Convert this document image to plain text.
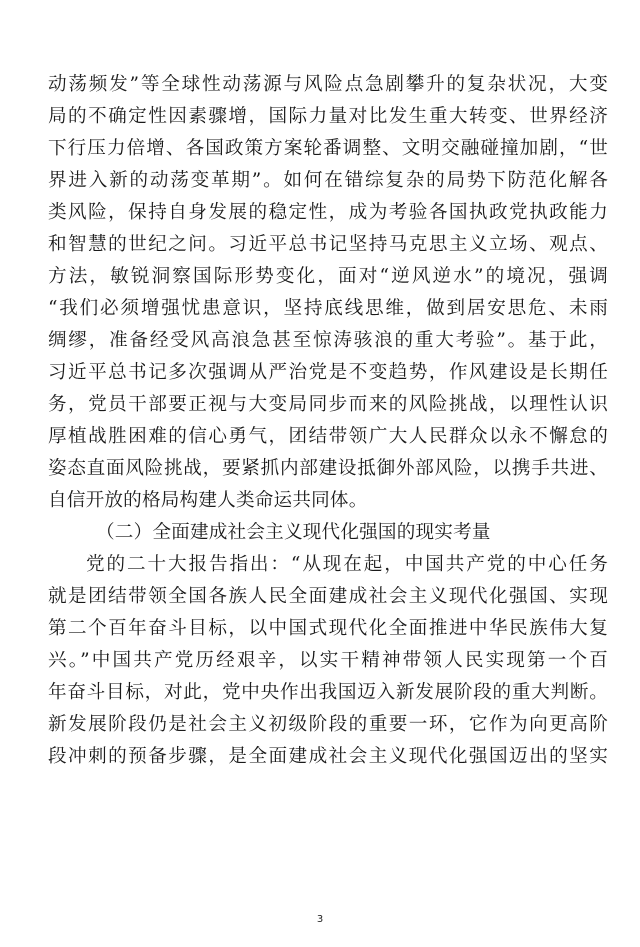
动荡频发”等全球性动荡源与风险点急剧攀升的复杂状况，大变
局的不确定性因素骤增，国际力量对比发生重大转变、世界经济
下行压力倍增、各国政策方案轮番调整、文明交融碰撞加剧，“世
界进入新的动荡变革期”。如何在错综复杂的局势下防范化解各
类风险，保持自身发展的稳定性，成为考验各国执政党执政能力
和智慧的世纪之问。习近平总书记坚持马克思主义立场、观点、
方法，敏锐洞察国际形势变化，面对“逆风逆水”的境况，强调
“我们必须增强忧患意识，坚持底线思维，做到居安思危、未雨
绸缪，准备经受风高浪急甚至惊涛骇浪的重大考验”。基于此，
习近平总书记多次强调从严治党是不变趋势，作风建设是长期任
务，党员干部要正视与大变局同步而来的风险挑战，以理性认识
厚植战胜困难的信心勇气，团结带领广大人民群众以永不懈怠的
姿态直面风险挑战，要紧抓内部建设抵御外部风险，以携手共进、
自信开放的格局构建人类命运共同体。
（二）全面建成社会主义现代化强国的现实考量
党的二十大报告指出：“从现在起，中国共产党的中心任务
就是团结带领全国各族人民全面建成社会主义现代化强国、实现
第二个百年奋斗目标，以中国式现代化全面推进中华民族伟大复
兴。”中国共产党历经艰辛，以实干精神带领人民实现第一个百
年奋斗目标，对此，党中央作出我国迈入新发展阶段的重大判断。
新发展阶段仍是社会主义初级阶段的重要一环，它作为向更高阶
段冲刺的预备步骤，是全面建成社会主义现代化强国迈出的坚实
3
